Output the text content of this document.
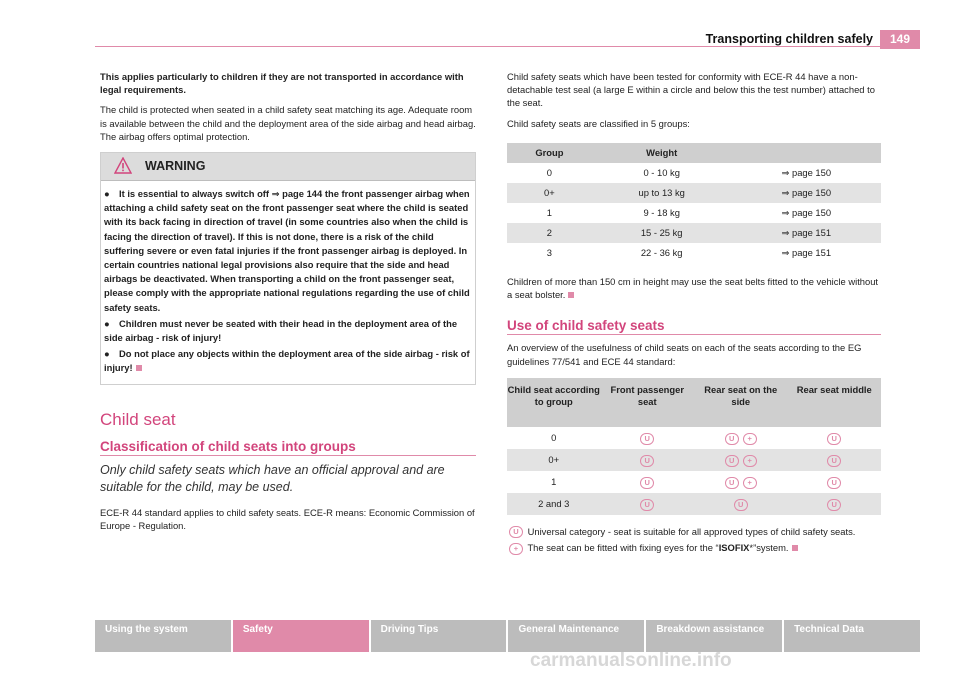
Transporting children safely	149

This applies particularly to children if they are not transported in accordance with legal requirements.

The child is protected when seated in a child safety seat matching its age. Adequate room is available between the child and the deployment area of the side airbag and head airbag. The airbag offers optimal protection.

WARNING

● It is essential to always switch off ⇒ page 144 the front passenger airbag when attaching a child safety seat on the front passenger seat where the child is seated with its back facing in direction of travel (in some countries also when the child is facing the direction of travel). If this is not done, there is a risk of the child suffering severe or even fatal injuries if the front passenger airbag is deployed. In certain countries national legal provisions also require that the side and head airbags be deactivated. When transporting a child on the front passenger seat, please comply with the appropriate national regulations regarding the use of child safety seats.

● Children must never be seated with their head in the deployment area of the side airbag - risk of injury!

● Do not place any objects within the deployment area of the side airbag - risk of injury!

Child seat
Classification of child seats into groups

Only child safety seats which have an official approval and are suitable for the child, may be used.

ECE-R 44 standard applies to child safety seats. ECE-R means: Economic Commission of Europe - Regulation.

Child safety seats which have been tested for conformity with ECE-R 44 have a non-detachable test seal (a large E within a circle and below this the test number) attached to the seat.

Child safety seats are classified in 5 groups:

Group	Weight	
0	0 - 10 kg	⇒ page 150
0+	up to 13 kg	⇒ page 150
1	9 - 18 kg	⇒ page 150
2	15 - 25 kg	⇒ page 151
3	22 - 36 kg	⇒ page 151

Children of more than 150 cm in height may use the seat belts fitted to the vehicle without a seat bolster.

Use of child safety seats

An overview of the usefulness of child seats on each of the seats according to the EG guidelines 77/541 and ECE 44 standard:

Child seat according to group	Front passenger seat	Rear seat on the side	Rear seat middle
0	U	U +	U
0+	U	U +	U
1	U	U +	U
2 and 3	U	U	U

U Universal category - seat is suitable for all approved types of child safety seats.

+ The seat can be fitted with fixing eyes for the “ISOFIX*”system.

Using the system	Safety	Driving Tips	General Maintenance	Breakdown assistance	Technical Data
carmanualsonline.info
